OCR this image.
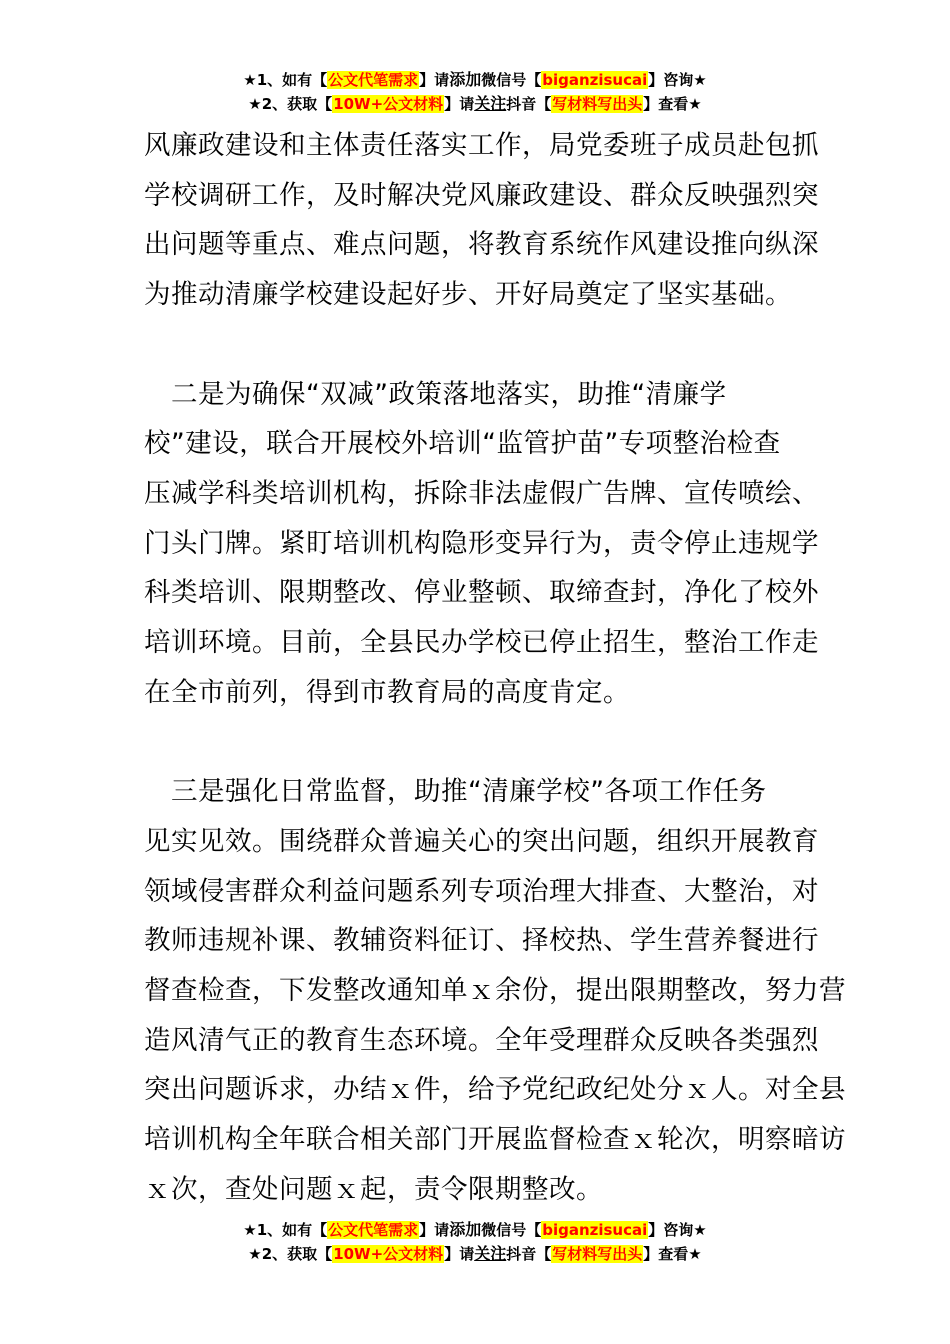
★1、如有【公文代笔需求】请添加微信号【biganzisucai】咨询★
★2、获取【10W+公文材料】请关注抖音【写材料写出头】查看★
风廉政建设和主体责任落实工作，局党委班子成员赴包抓
学校调研工作，及时解决党风廉政建设、群众反映强烈突
出问题等重点、难点问题，将教育系统作风建设推向纵深
为推动清廉学校建设起好步、开好局奠定了坚实基础。
　二是为确保“双减”政策落地落实，助推“清廉学
校”建设，联合开展校外培训“监管护苗”专项整治检查
压减学科类培训机构，拆除非法虚假广告牌、宣传喷绘、
门头门牌。紧盯培训机构隐形变异行为，责令停止违规学
科类培训、限期整改、停业整顿、取缔查封，净化了校外
培训环境。目前，全县民办学校已停止招生，整治工作走
在全市前列，得到市教育局的高度肯定。
　三是强化日常监督，助推“清廉学校”各项工作任务
见实见效。围绕群众普遍关心的突出问题，组织开展教育
领域侵害群众利益问题系列专项治理大排查、大整治，对
教师违规补课、教辅资料征订、择校热、学生营养餐进行
督查检查，下发整改通知单ｘ余份，提出限期整改，努力营
造风清气正的教育生态环境。全年受理群众反映各类强烈
突出问题诉求，办结ｘ件，给予党纪政纪处分ｘ人。对全县
培训机构全年联合相关部门开展监督检查ｘ轮次，明察暗访
ｘ次，查处问题ｘ起，责令限期整改。
★1、如有【公文代笔需求】请添加微信号【biganzisucai】咨询★
★2、获取【10W+公文材料】请关注抖音【写材料写出头】查看★
